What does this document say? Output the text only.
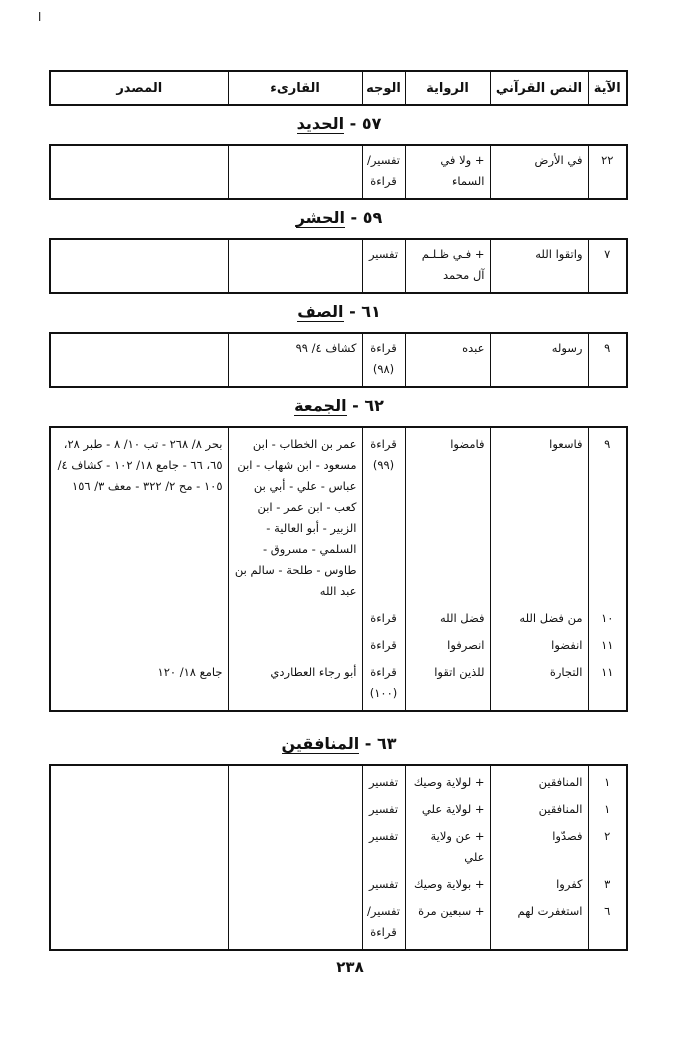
ا
الآية	النص القرآني	الرواية	الوجه	القارىء	المصدر
٥٧ - الحديد
٢٢	في الأرض	+ ولا في السماء	تفسير/ قراءة		
٥٩ - الحشر
٧	واتقوا الله	+ فـي ظـلـم آل محمد	تفسير		
٦١ - الصف
٩	رسوله	عبده	قراءة (٩٨)	كشاف ٤/ ٩٩	
٦٢ - الجمعة
٩	فاسعوا	فامضوا	قراءة (٩٩)	عمر بن الخطاب - ابن مسعود - ابن شهاب - ابن عباس - علي - أبي بن كعب - ابن عمر - ابن الزبير - أبو العالية - السلمي - مسروق - طاوس - طلحة - سالم بن عبد الله	بحر ٨/ ٢٦٨ - تب ١٠/ ٨ - طبر ٢٨، ٦٥، ٦٦ - جامع ١٨/ ١٠٢ - كشاف ٤/ ١٠٥ - مح ٢/ ٣٢٢ - معف ٣/ ١٥٦
١٠	من فضل الله	فضل الله	قراءة		
١١	انفضوا	انصرفوا	قراءة		
١١	التجارة	للذين اتقوا	قراءة (١٠٠)	أبو رجاء العطاردي	جامع ١٨/ ١٢٠
٦٣ - المنافقين
١	المنافقين	+ لولاية وصيك	تفسير		
١	المنافقين	+ لولاية علي	تفسير		
٢	فصدّوا	+ عن ولاية علي	تفسير		
٣	كفروا	+ بولاية وصيك	تفسير		
٦	استغفرت لهم	+ سبعين مرة	تفسير/ قراءة		
٢٣٨
